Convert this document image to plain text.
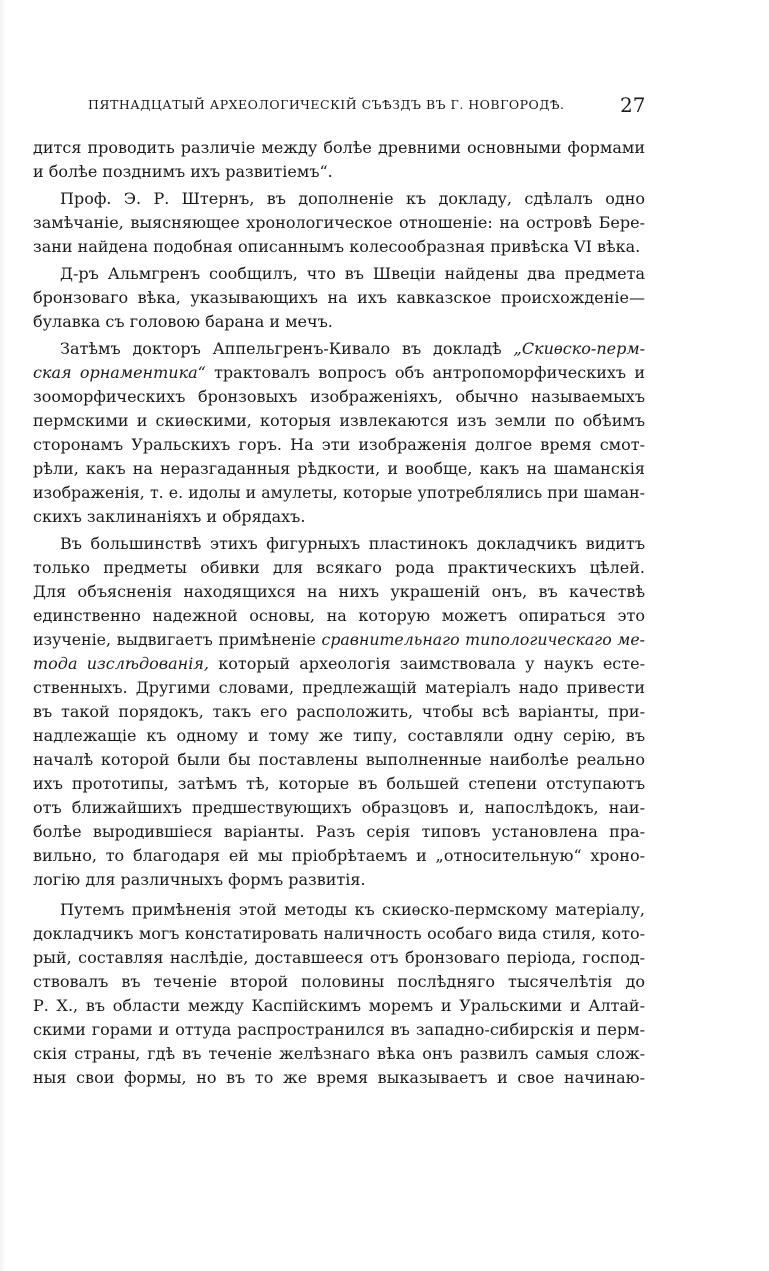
ПЯТНАДЦАТЫЙ АРХЕОЛОГИЧЕСКІЙ СЪѢЗДЪ ВЪ Г. НОВГОРОДѢ.	27
дится проводить различіе между болѣе древними основными формами
и болѣе позднимъ ихъ развитіемъ“.
Проф. Э. Р. Штернъ, въ дополненіе къ докладу, сдѣлалъ одно
замѣчаніе, выясняющее хронологическое отношеніе: на островѣ Бере-
зани найдена подобная описаннымъ колесообразная привѣска VI вѣка.
Д-ръ Альмгренъ сообщилъ, что въ Швеціи найдены два предмета
бронзоваго вѣка, указывающихъ на ихъ кавказское происхожденіе—
булавка съ головою барана и мечъ.
Затѣмъ докторъ Аппельгренъ-Кивало въ докладѣ „Скиѳско-перм-
ская орнаментика“ трактовалъ вопросъ объ антропоморфическихъ и
зооморфическихъ бронзовыхъ изображеніяхъ, обычно называемыхъ
пермскими и скиѳскими, которыя извлекаются изъ земли по обѣимъ
сторонамъ Уральскихъ горъ. На эти изображенія долгое время смот-
рѣли, какъ на неразгаданныя рѣдкости, и вообще, какъ на шаманскія
изображенія, т. е. идолы и амулеты, которые употреблялись при шаман-
скихъ заклинаніяхъ и обрядахъ.
Въ большинствѣ этихъ фигурныхъ пластинокъ докладчикъ видитъ
только предметы обивки для всякаго рода практическихъ цѣлей.
Для объясненія находящихся на нихъ украшеній онъ, въ качествѣ
единственно надежной основы, на которую можетъ опираться это
изученіе, выдвигаетъ примѣненіе сравнительнаго типологическаго ме-
тода изслѣдованія, который археологія заимствовала у наукъ есте-
ственныхъ. Другими словами, предлежащій матеріалъ надо привести
въ такой порядокъ, такъ его расположить, чтобы всѣ варіанты, при-
надлежащіе къ одному и тому же типу, составляли одну серію, въ
началѣ которой были бы поставлены выполненные наиболѣе реально
ихъ прототипы, затѣмъ тѣ, которые въ большей степени отступаютъ
отъ ближайшихъ предшествующихъ образцовъ и, напослѣдокъ, наи-
болѣе выродившіеся варіанты. Разъ серія типовъ установлена пра-
вильно, то благодаря ей мы пріобрѣтаемъ и „относительную“ хроно-
логію для различныхъ формъ развитія.
Путемъ примѣненія этой методы къ скиѳско-пермскому матеріалу,
докладчикъ могъ констатировать наличность особаго вида стиля, кото-
рый, составляя наслѣдіе, доставшееся отъ бронзоваго періода, господ-
ствовалъ въ теченіе второй половины послѣдняго тысячелѣтія до
Р. Х., въ области между Каспійскимъ моремъ и Уральскими и Алтай-
скими горами и оттуда распространился въ западно-сибирскія и перм-
скія страны, гдѣ въ теченіе желѣзнаго вѣка онъ развилъ самыя слож-
ныя свои формы, но въ то же время выказываетъ и свое начинаю-
